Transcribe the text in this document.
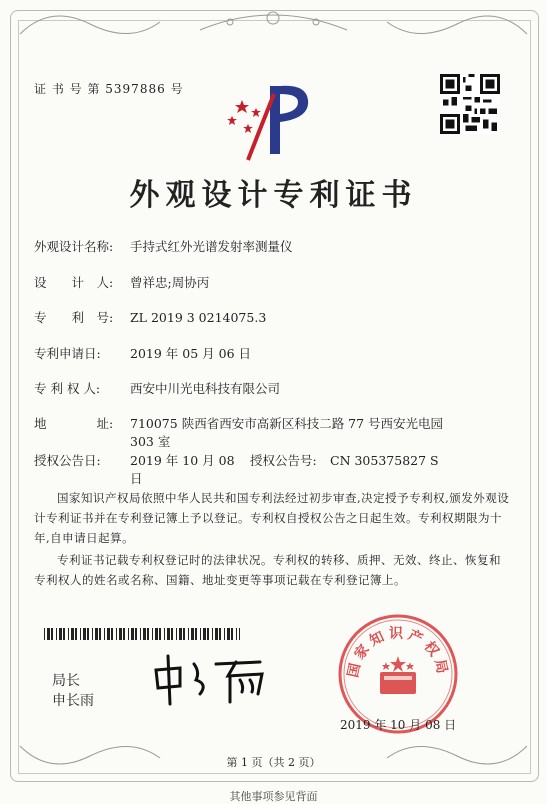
证 书 号 第 5397886 号
外观设计专利证书
外观设计名称: 手持式红外光谱发射率测量仪
设　　计　人: 曾祥忠;周协丙
专　　利　号: ZL 2019 3 0214075.3
专利申请日: 2019 年 05 月 06 日
专 利 权 人: 西安中川光电科技有限公司
地　　　　址: 710075 陕西省西安市高新区科技二路 77 号西安光电园 303 室
授权公告日: 2019 年 10 月 08 日授权公告号: CN 305375827 S
国家知识产权局依照中华人民共和国专利法经过初步审查,决定授予专利权,颁发外观设计专利证书并在专利登记簿上予以登记。专利权自授权公告之日起生效。专利权期限为十年,自申请日起算。
专利证书记载专利权登记时的法律状况。专利权的转移、质押、无效、终止、恢复和专利权人的姓名或名称、国籍、地址变更等事项记载在专利登记簿上。
局长
申长雨
国家知识产权局
2019 年 10 月 08 日
第 1 页（共 2 页）
其他事项参见背面
